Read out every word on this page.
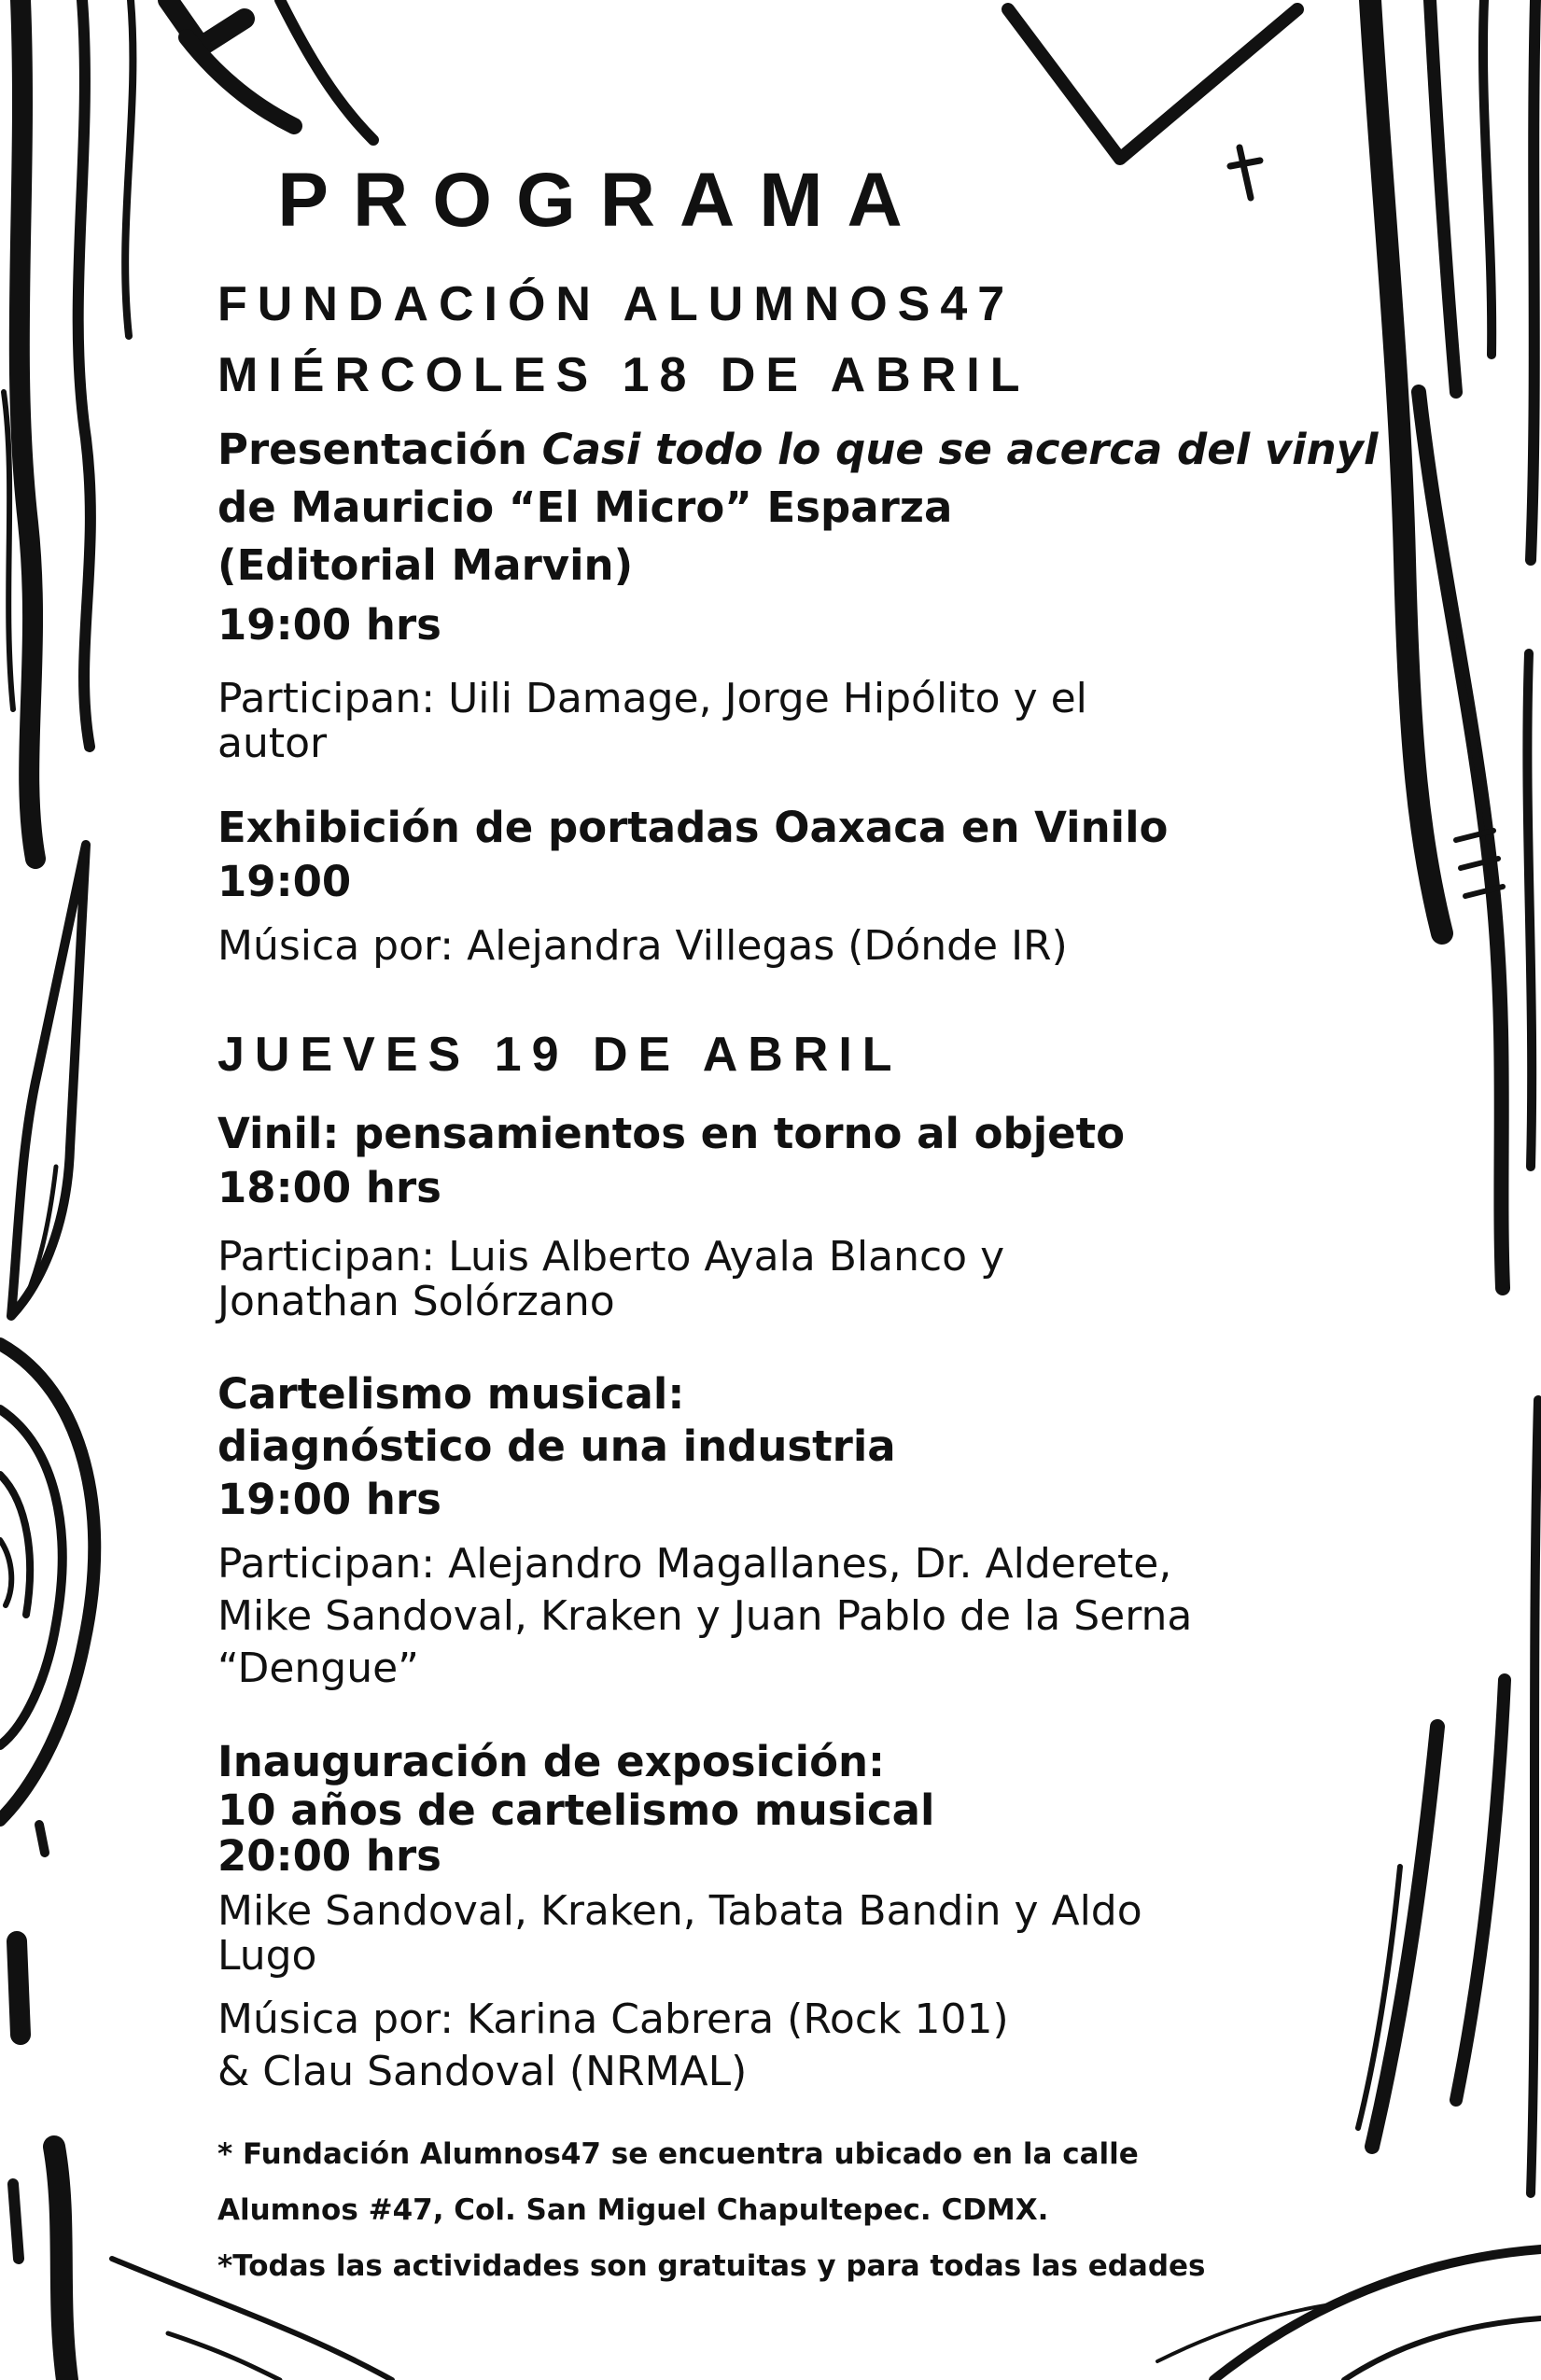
PROGRAMA
FUNDACIÓN ALUMNOS47
MIÉRCOLES 18 DE ABRIL
Presentación Casi todo lo que se acerca del vinyl
de Mauricio “El Micro” Esparza
(Editorial Marvin)
19:00 hrs
Participan: Uili Damage, Jorge Hipólito y el
autor
Exhibición de portadas Oaxaca en Vinilo
19:00
Música por: Alejandra Villegas (Dónde IR)
JUEVES 19 DE ABRIL
Vinil: pensamientos en torno al objeto
18:00 hrs
Participan: Luis Alberto Ayala Blanco y
Jonathan Solórzano
Cartelismo musical:
diagnóstico de una industria
19:00 hrs
Participan: Alejandro Magallanes, Dr. Alderete,
Mike Sandoval, Kraken y Juan Pablo de la Serna
“Dengue”
Inauguración de exposición:
10 años de cartelismo musical
20:00 hrs
Mike Sandoval, Kraken, Tabata Bandin y Aldo
Lugo
Música por: Karina Cabrera (Rock 101)
& Clau Sandoval (NRMAL)
* Fundación Alumnos47 se encuentra ubicado en la calle
Alumnos #47, Col. San Miguel Chapultepec. CDMX.
*Todas las actividades son gratuitas y para todas las edades
